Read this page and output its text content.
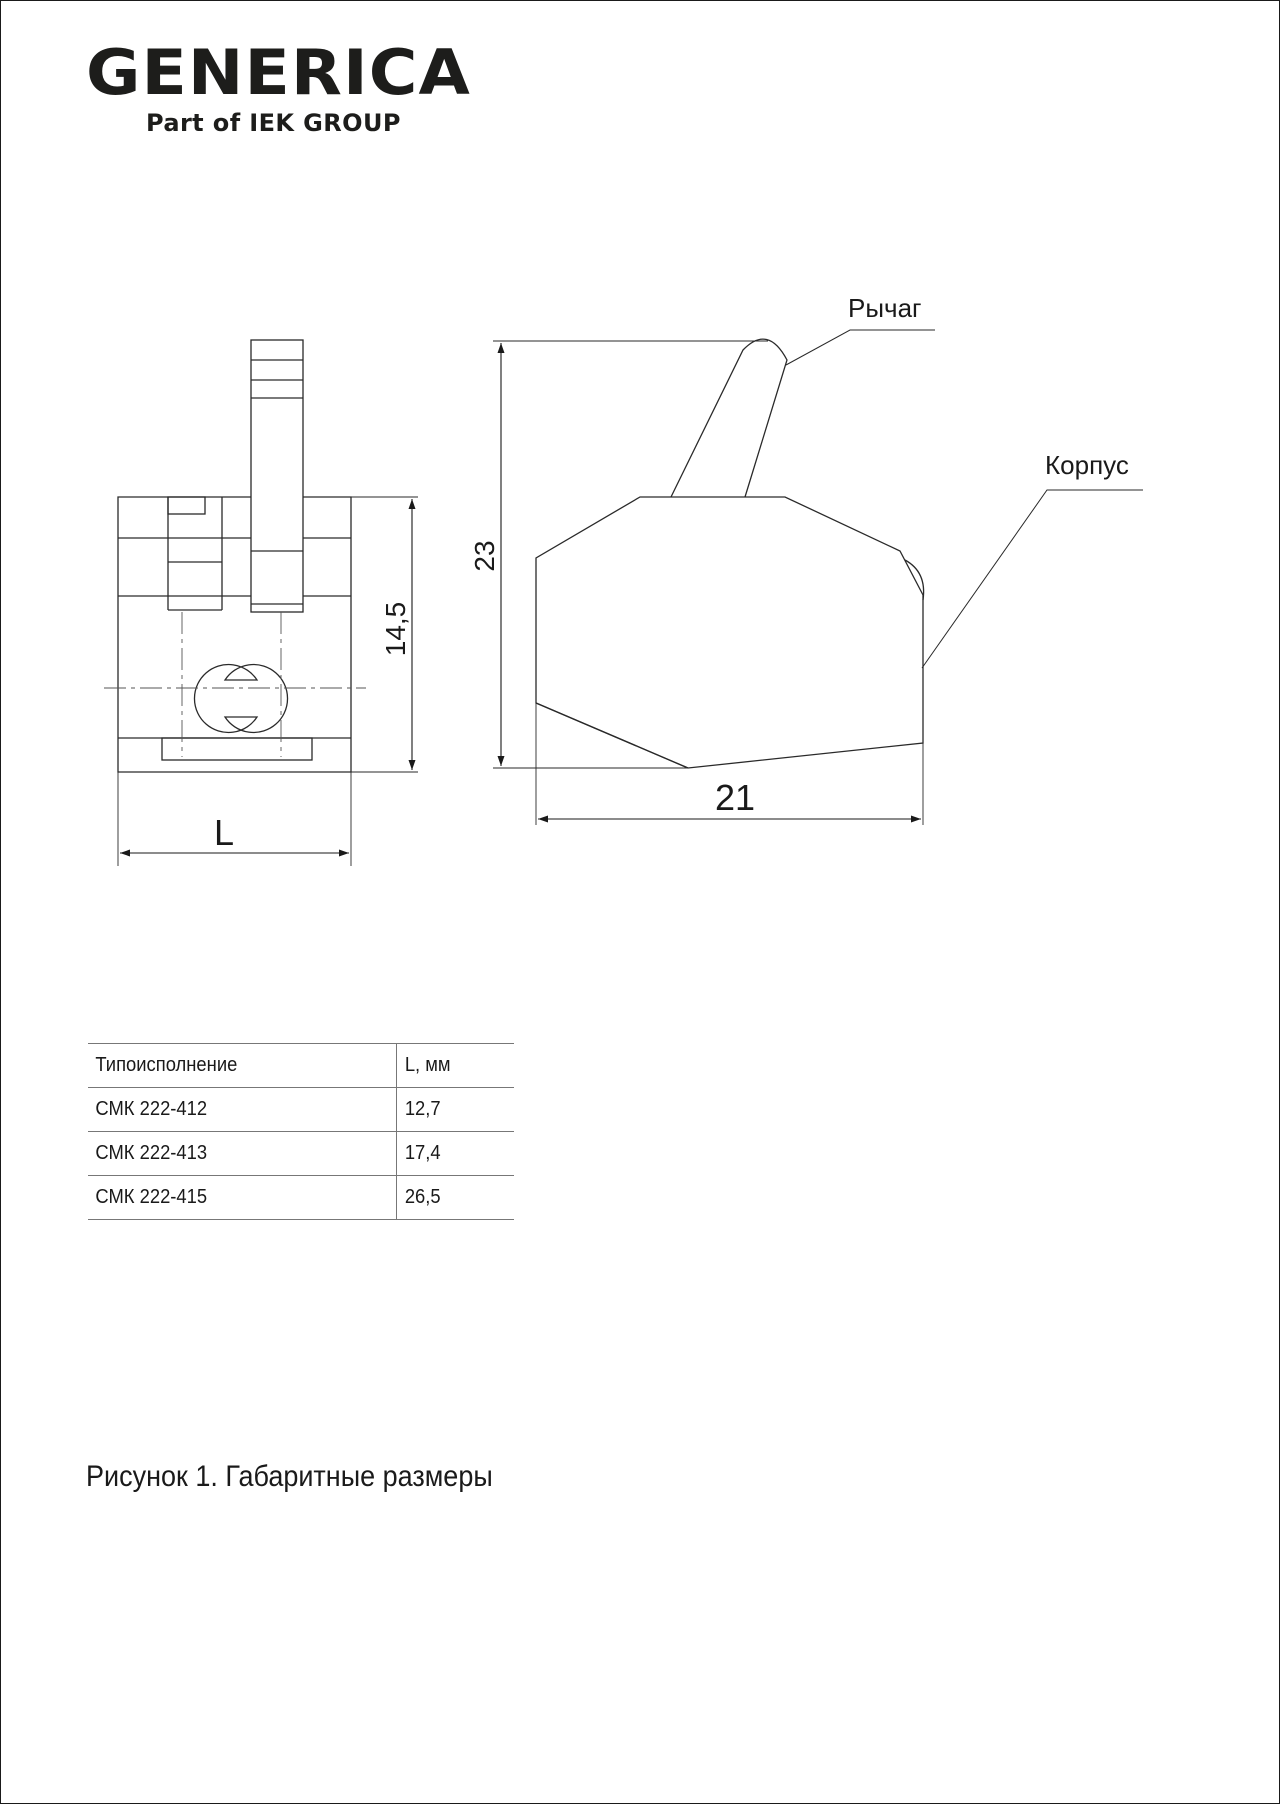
GENERICA
Part of IEK GROUP
14,5
L
23
21
Рычаг
Корпус
Типоисполнение	L, мм
СМК 222-412	12,7
СМК 222-413	17,4
СМК 222-415	26,5
Рисунок 1. Габаритные размеры
